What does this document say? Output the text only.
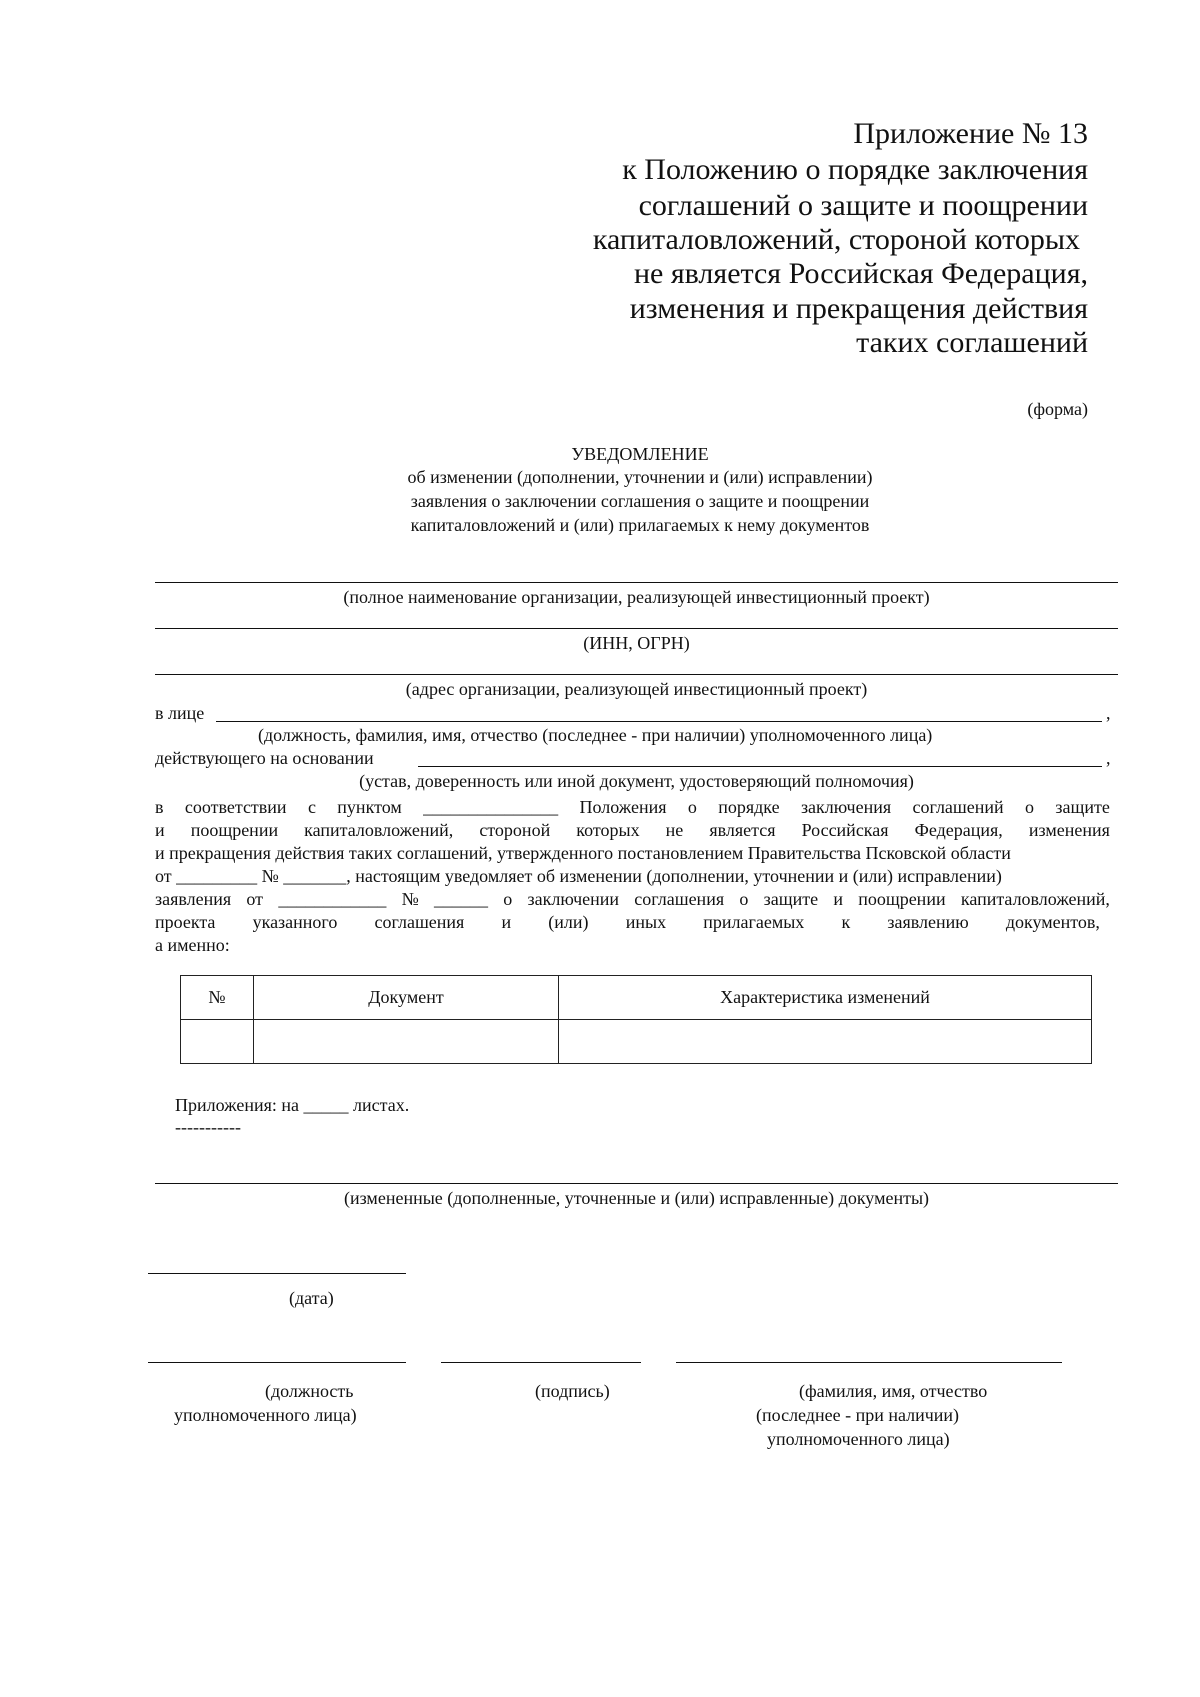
Приложение № 13
к Положению о порядке заключения
соглашений о защите и поощрении
капиталовложений, стороной которых
не является Российская Федерация,
изменения и прекращения действия
таких соглашений
(форма)
УВЕДОМЛЕНИЕ
об изменении (дополнении, уточнении и (или) исправлении)
заявления о заключении соглашения о защите и поощрении
капиталовложений и (или) прилагаемых к нему документов
(полное наименование организации, реализующей инвестиционный проект)
(ИНН, ОГРН)
(адрес организации, реализующей инвестиционный проект)
в лице	,
(должность, фамилия, имя, отчество (последнее - при наличии) уполномоченного лица)
действующего на основании	,
(устав, доверенность или иной документ, удостоверяющий полномочия)
в соответствии с пунктом _______________ Положения о порядке заключения соглашений о защите
и поощрении капиталовложений, стороной которых не является Российская Федерация, изменения
и прекращения действия таких соглашений, утвержденного постановлением Правительства Псковской области
от _________ № _______, настоящим уведомляет об изменении (дополнении, уточнении и (или) исправлении)
заявления от ____________ № ______ о заключении соглашения о защите и поощрении капиталовложений,
проекта указанного соглашения и (или) иных прилагаемых к заявлению документов,
а именно:
№	Документ	Характеристика изменений

Приложения: на _____ листах.
-----------
(измененные (дополненные, уточненные и (или) исправленные) документы)
(дата)
(должность
уполномоченного лица)
(подпись)	(фамилия, имя, отчество
(последнее - при наличии)
уполномоченного лица)
